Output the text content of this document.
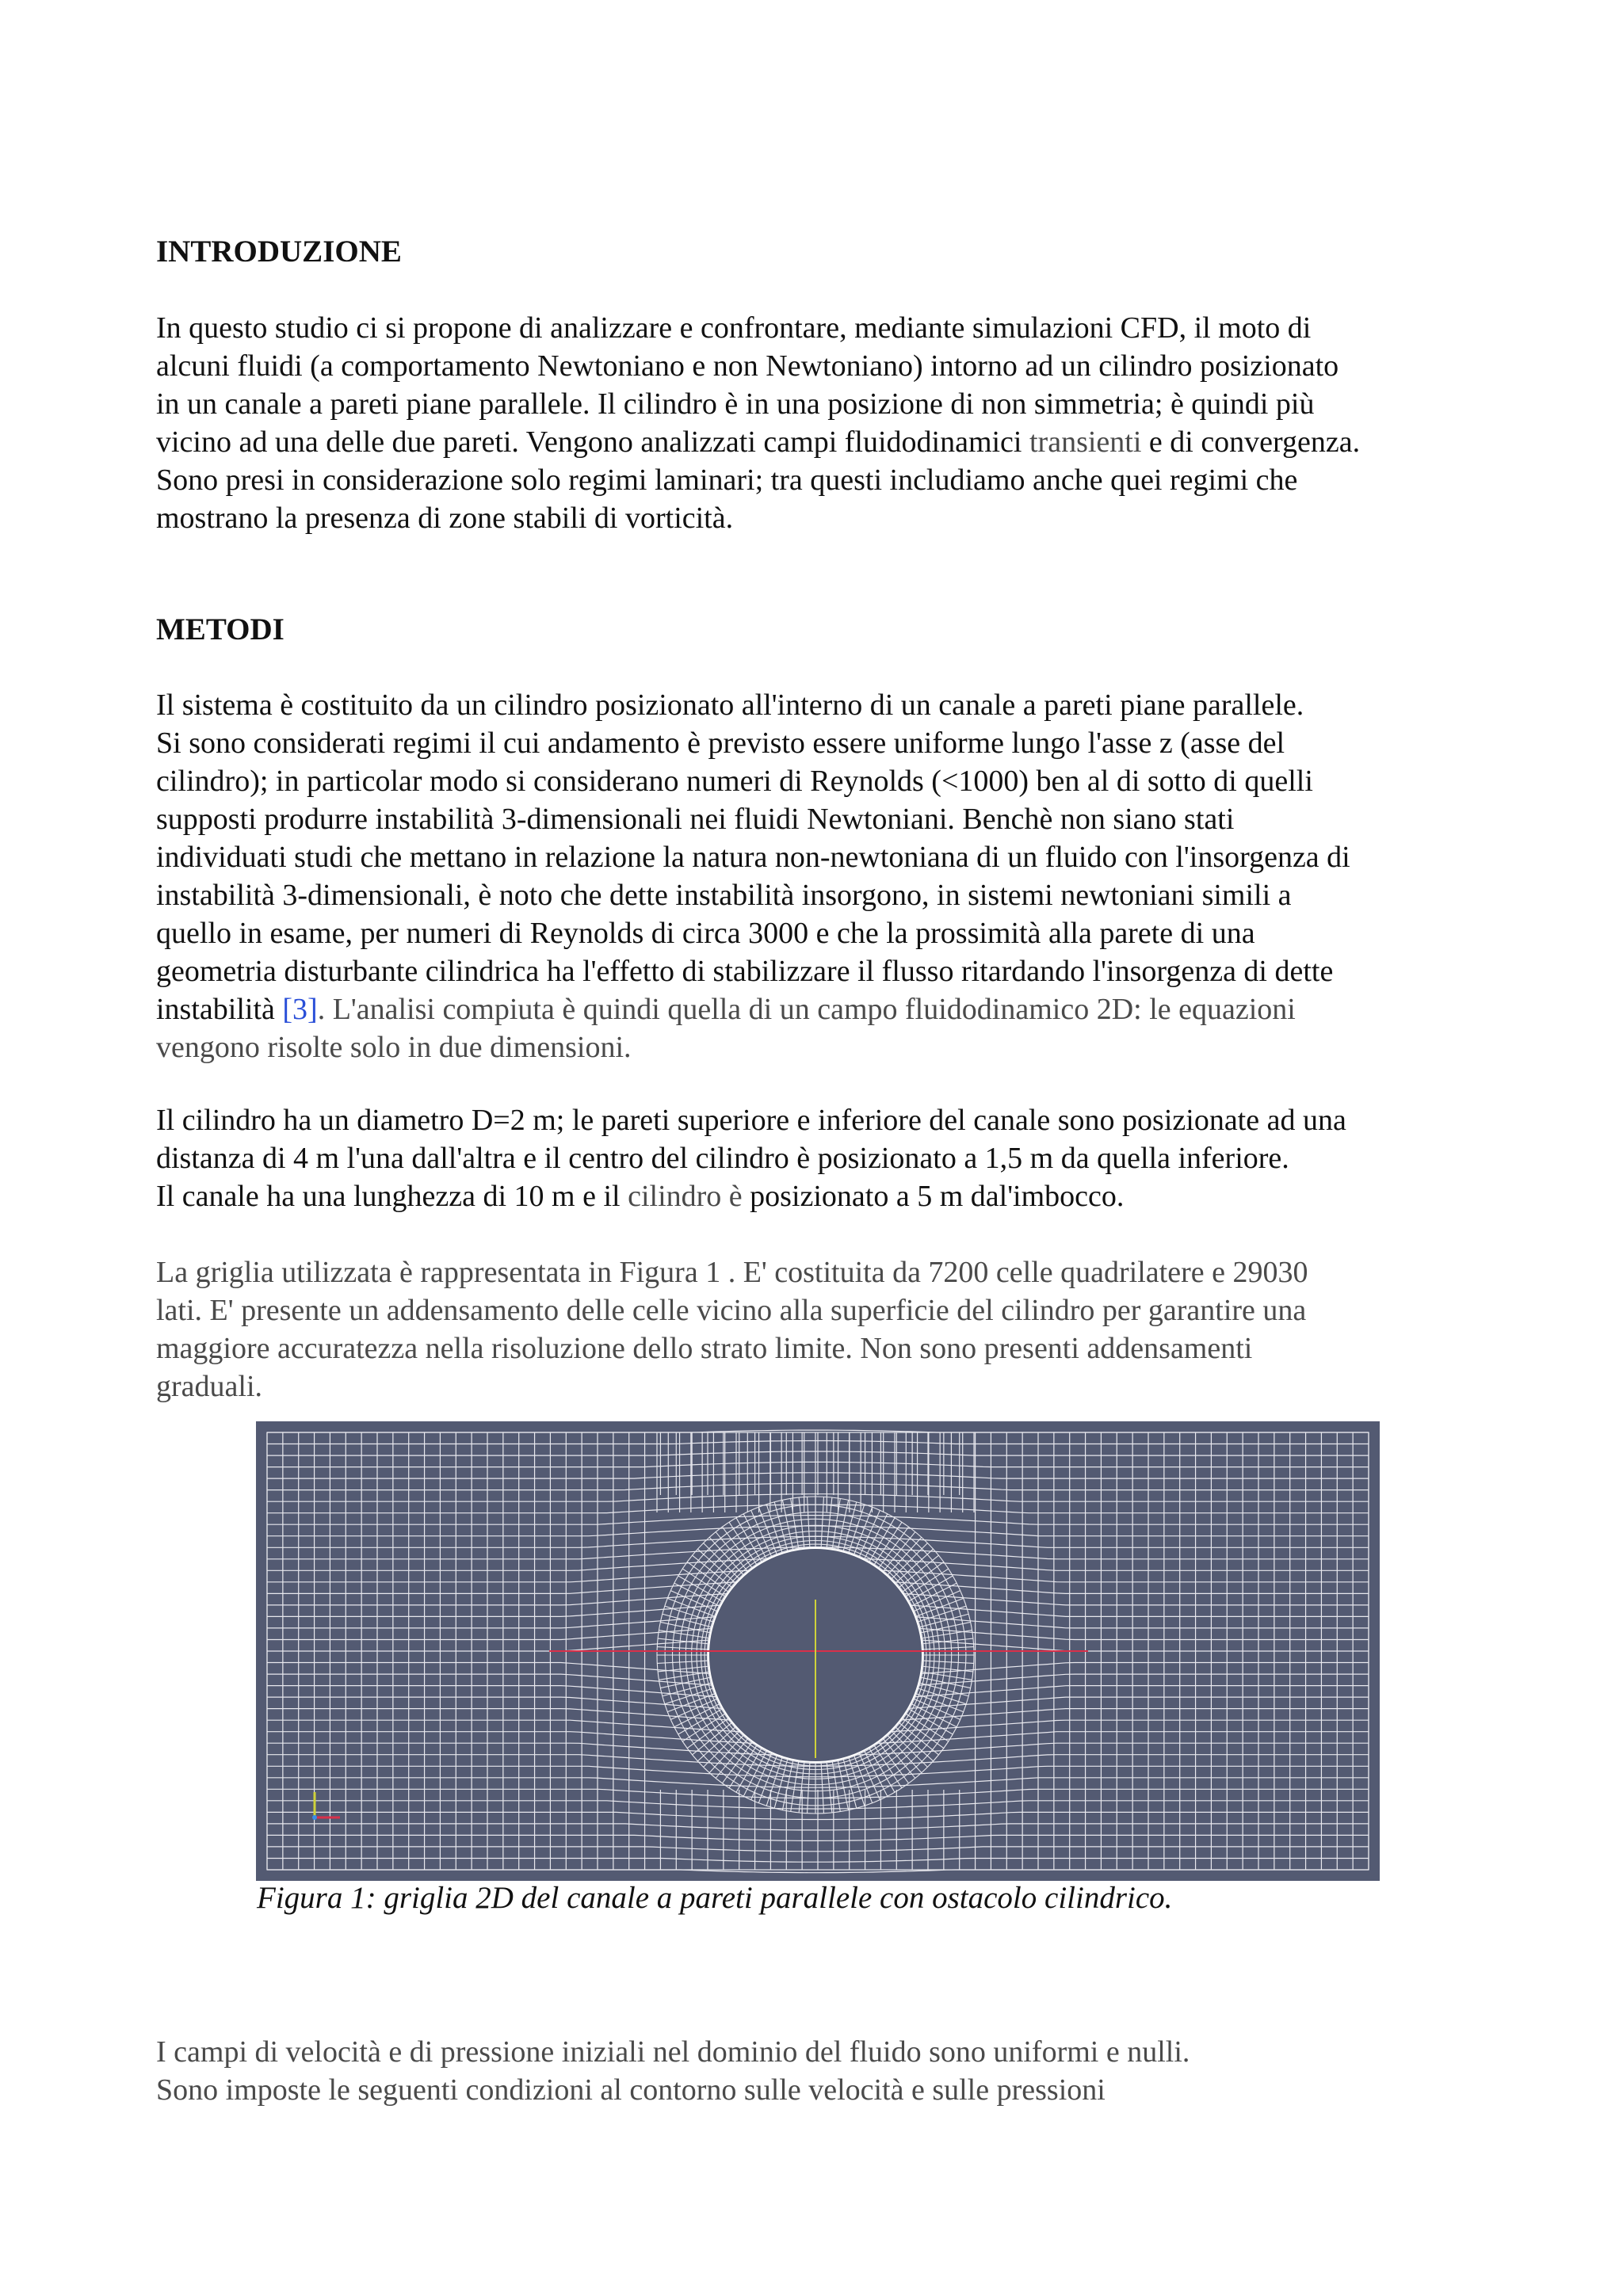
INTRODUZIONE
In questo studio ci si propone di analizzare e confrontare, mediante simulazioni CFD, il moto di
alcuni fluidi (a comportamento Newtoniano e non Newtoniano) intorno ad un cilindro posizionato
in un canale a pareti piane parallele. Il cilindro è in una posizione di non simmetria; è quindi più
vicino ad una delle due pareti. Vengono analizzati campi fluidodinamici transienti e di convergenza.
Sono presi in considerazione solo regimi laminari; tra questi includiamo anche quei regimi che
mostrano la presenza di zone stabili di vorticità.
METODI
Il sistema è costituito da un cilindro posizionato all'interno di un canale a pareti piane parallele.
Si sono considerati regimi il cui andamento è previsto essere uniforme lungo l'asse z (asse del
cilindro); in particolar modo si considerano numeri di Reynolds (<1000) ben al di sotto di quelli
supposti produrre instabilità 3-dimensionali nei fluidi Newtoniani. Benchè non siano stati
individuati studi che mettano in relazione la natura non-newtoniana di un fluido con l'insorgenza di
instabilità 3-dimensionali, è noto che dette instabilità insorgono, in sistemi newtoniani simili a
quello in esame, per numeri di Reynolds di circa 3000 e che la prossimità alla parete di una
geometria disturbante cilindrica ha l'effetto di stabilizzare il flusso ritardando l'insorgenza di dette
instabilità [3]. L'analisi compiuta è quindi quella di un campo fluidodinamico 2D: le equazioni
vengono risolte solo in due dimensioni.
Il cilindro ha un diametro D=2 m; le pareti superiore e inferiore del canale sono posizionate ad una
distanza di 4 m l'una dall'altra e il centro del cilindro è posizionato a 1,5 m da quella inferiore.
Il canale ha una lunghezza di 10 m e il cilindro è posizionato a 5 m dal'imbocco.
La griglia utilizzata è rappresentata in Figura 1 . E' costituita da 7200 celle quadrilatere e 29030
lati. E' presente un addensamento delle celle vicino alla superficie del cilindro per garantire una
maggiore accuratezza nella risoluzione dello strato limite. Non sono presenti addensamenti
graduali.

Figura 1: griglia 2D del canale a pareti parallele con ostacolo cilindrico.

I campi di velocità e di pressione iniziali nel dominio del fluido sono uniformi e nulli.
Sono imposte le seguenti condizioni al contorno sulle velocità e sulle pressioni
